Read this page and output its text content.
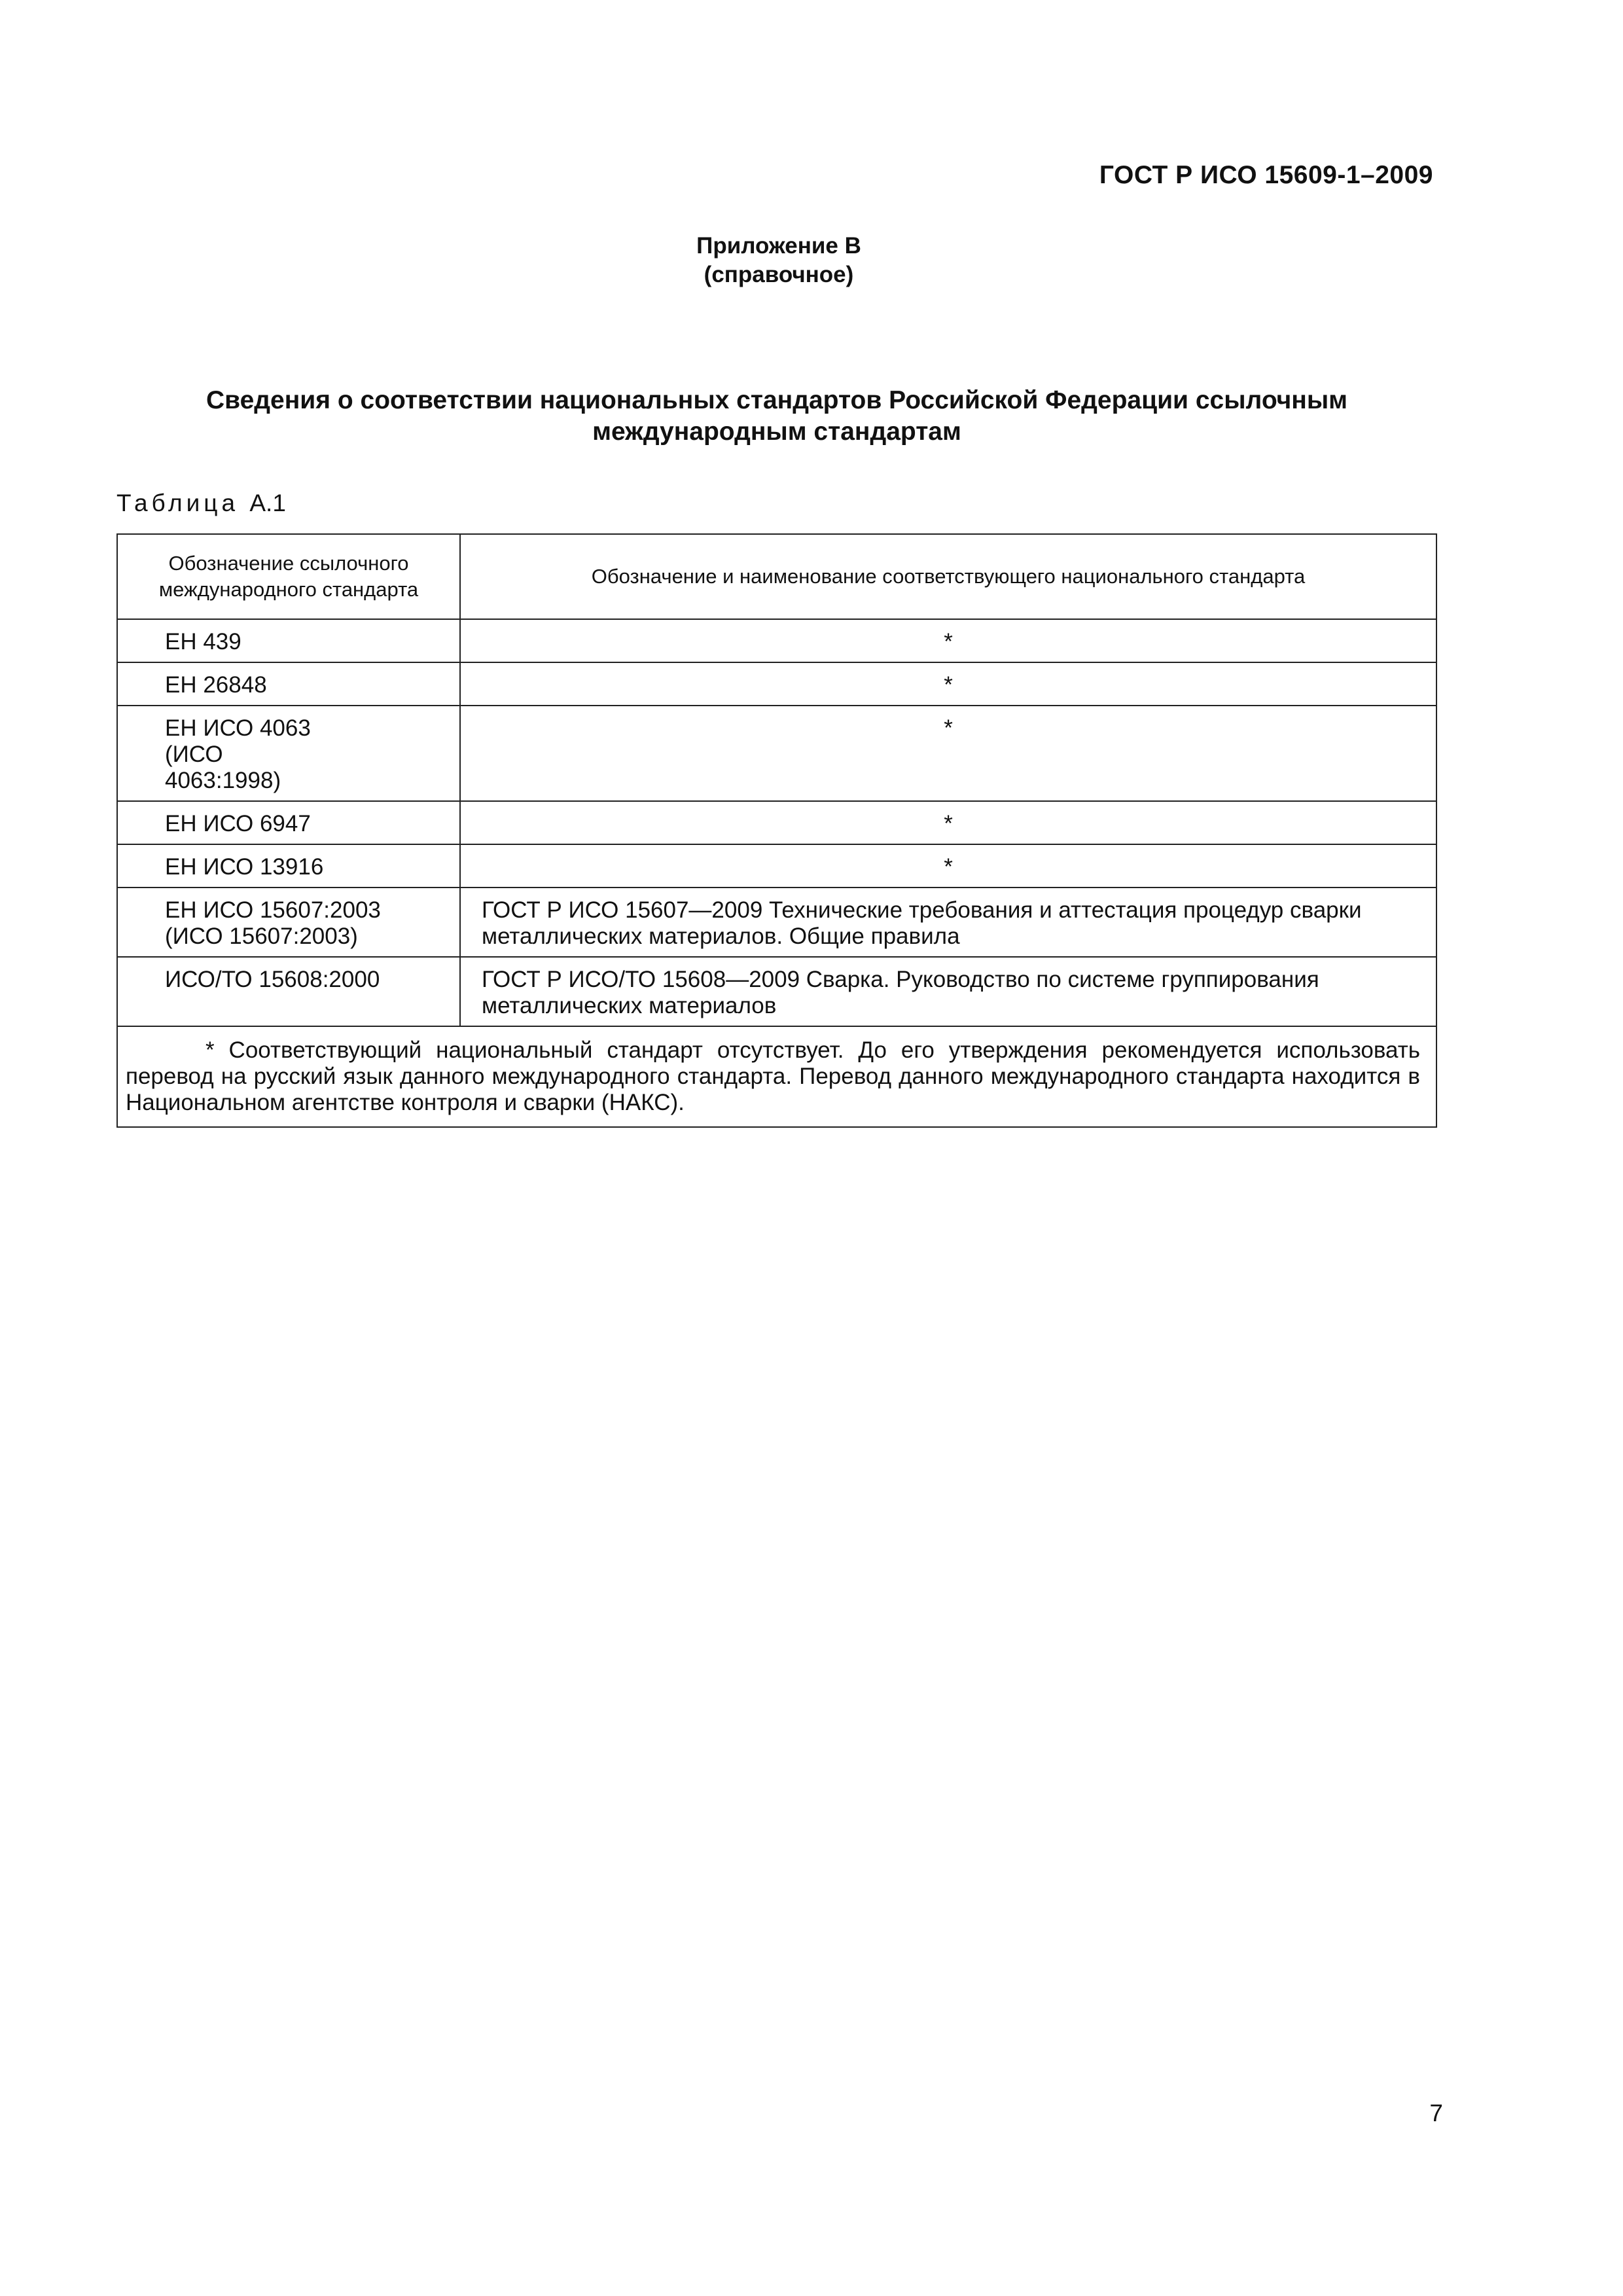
ГОСТ Р ИСО 15609-1–2009
Приложение В
(справочное)
Сведения о соответствии национальных стандартов Российской Федерации ссылочным
международным стандартам
Таблица А.1
Обозначение ссылочного международного стандарта	Обозначение и наименование соответствующего национального стандарта
ЕН 439	*
ЕН 26848	*
ЕН ИСО 4063 (ИСО 4063:1998)	*
ЕН ИСО 6947	*
ЕН ИСО 13916	*
ЕН ИСО 15607:2003 (ИСО 15607:2003)	ГОСТ Р ИСО 15607—2009 Технические требования и аттестация процедур сварки металлических материалов. Общие правила
ИСО/ТО 15608:2000	ГОСТ Р ИСО/ТО 15608—2009 Сварка. Руководство по системе группирования металлических материалов
* Соответствующий национальный стандарт отсутствует. До его утверждения рекомендуется использовать перевод на русский язык данного международного стандарта. Перевод данного международного стандарта находится в Национальном агентстве контроля и сварки (НАКС).	
7
